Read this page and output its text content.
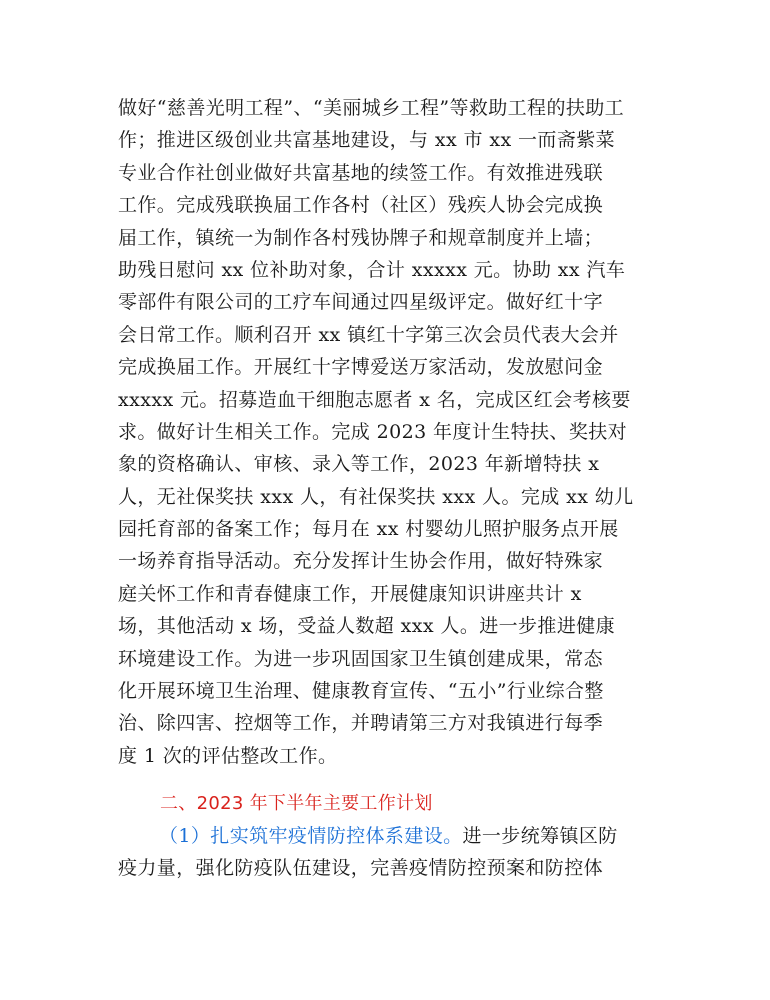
做好“慈善光明工程”、“美丽城乡工程”等救助工程的扶助工
作；推进区级创业共富基地建设，与 xx 市 xx 一而斋紫菜
专业合作社创业做好共富基地的续签工作。有效推进残联
工作。完成残联换届工作各村（社区）残疾人协会完成换
届工作，镇统一为制作各村残协牌子和规章制度并上墙；
助残日慰问 xx 位补助对象，合计 xxxxx 元。协助 xx 汽车
零部件有限公司的工疗车间通过四星级评定。做好红十字
会日常工作。顺利召开 xx 镇红十字第三次会员代表大会并
完成换届工作。开展红十字博爱送万家活动，发放慰问金
xxxxx 元。招募造血干细胞志愿者 x 名，完成区红会考核要
求。做好计生相关工作。完成 2023 年度计生特扶、奖扶对
象的资格确认、审核、录入等工作，2023 年新增特扶 x
人，无社保奖扶 xxx 人，有社保奖扶 xxx 人。完成 xx 幼儿
园托育部的备案工作；每月在 xx 村婴幼儿照护服务点开展
一场养育指导活动。充分发挥计生协会作用，做好特殊家
庭关怀工作和青春健康工作，开展健康知识讲座共计 x
场，其他活动 x 场，受益人数超 xxx 人。进一步推进健康
环境建设工作。为进一步巩固国家卫生镇创建成果，常态
化开展环境卫生治理、健康教育宣传、“五小”行业综合整
治、除四害、控烟等工作，并聘请第三方对我镇进行每季
度 1 次的评估整改工作。
二、2023 年下半年主要工作计划
（1）扎实筑牢疫情防控体系建设。进一步统筹镇区防
疫力量，强化防疫队伍建设，完善疫情防控预案和防控体
